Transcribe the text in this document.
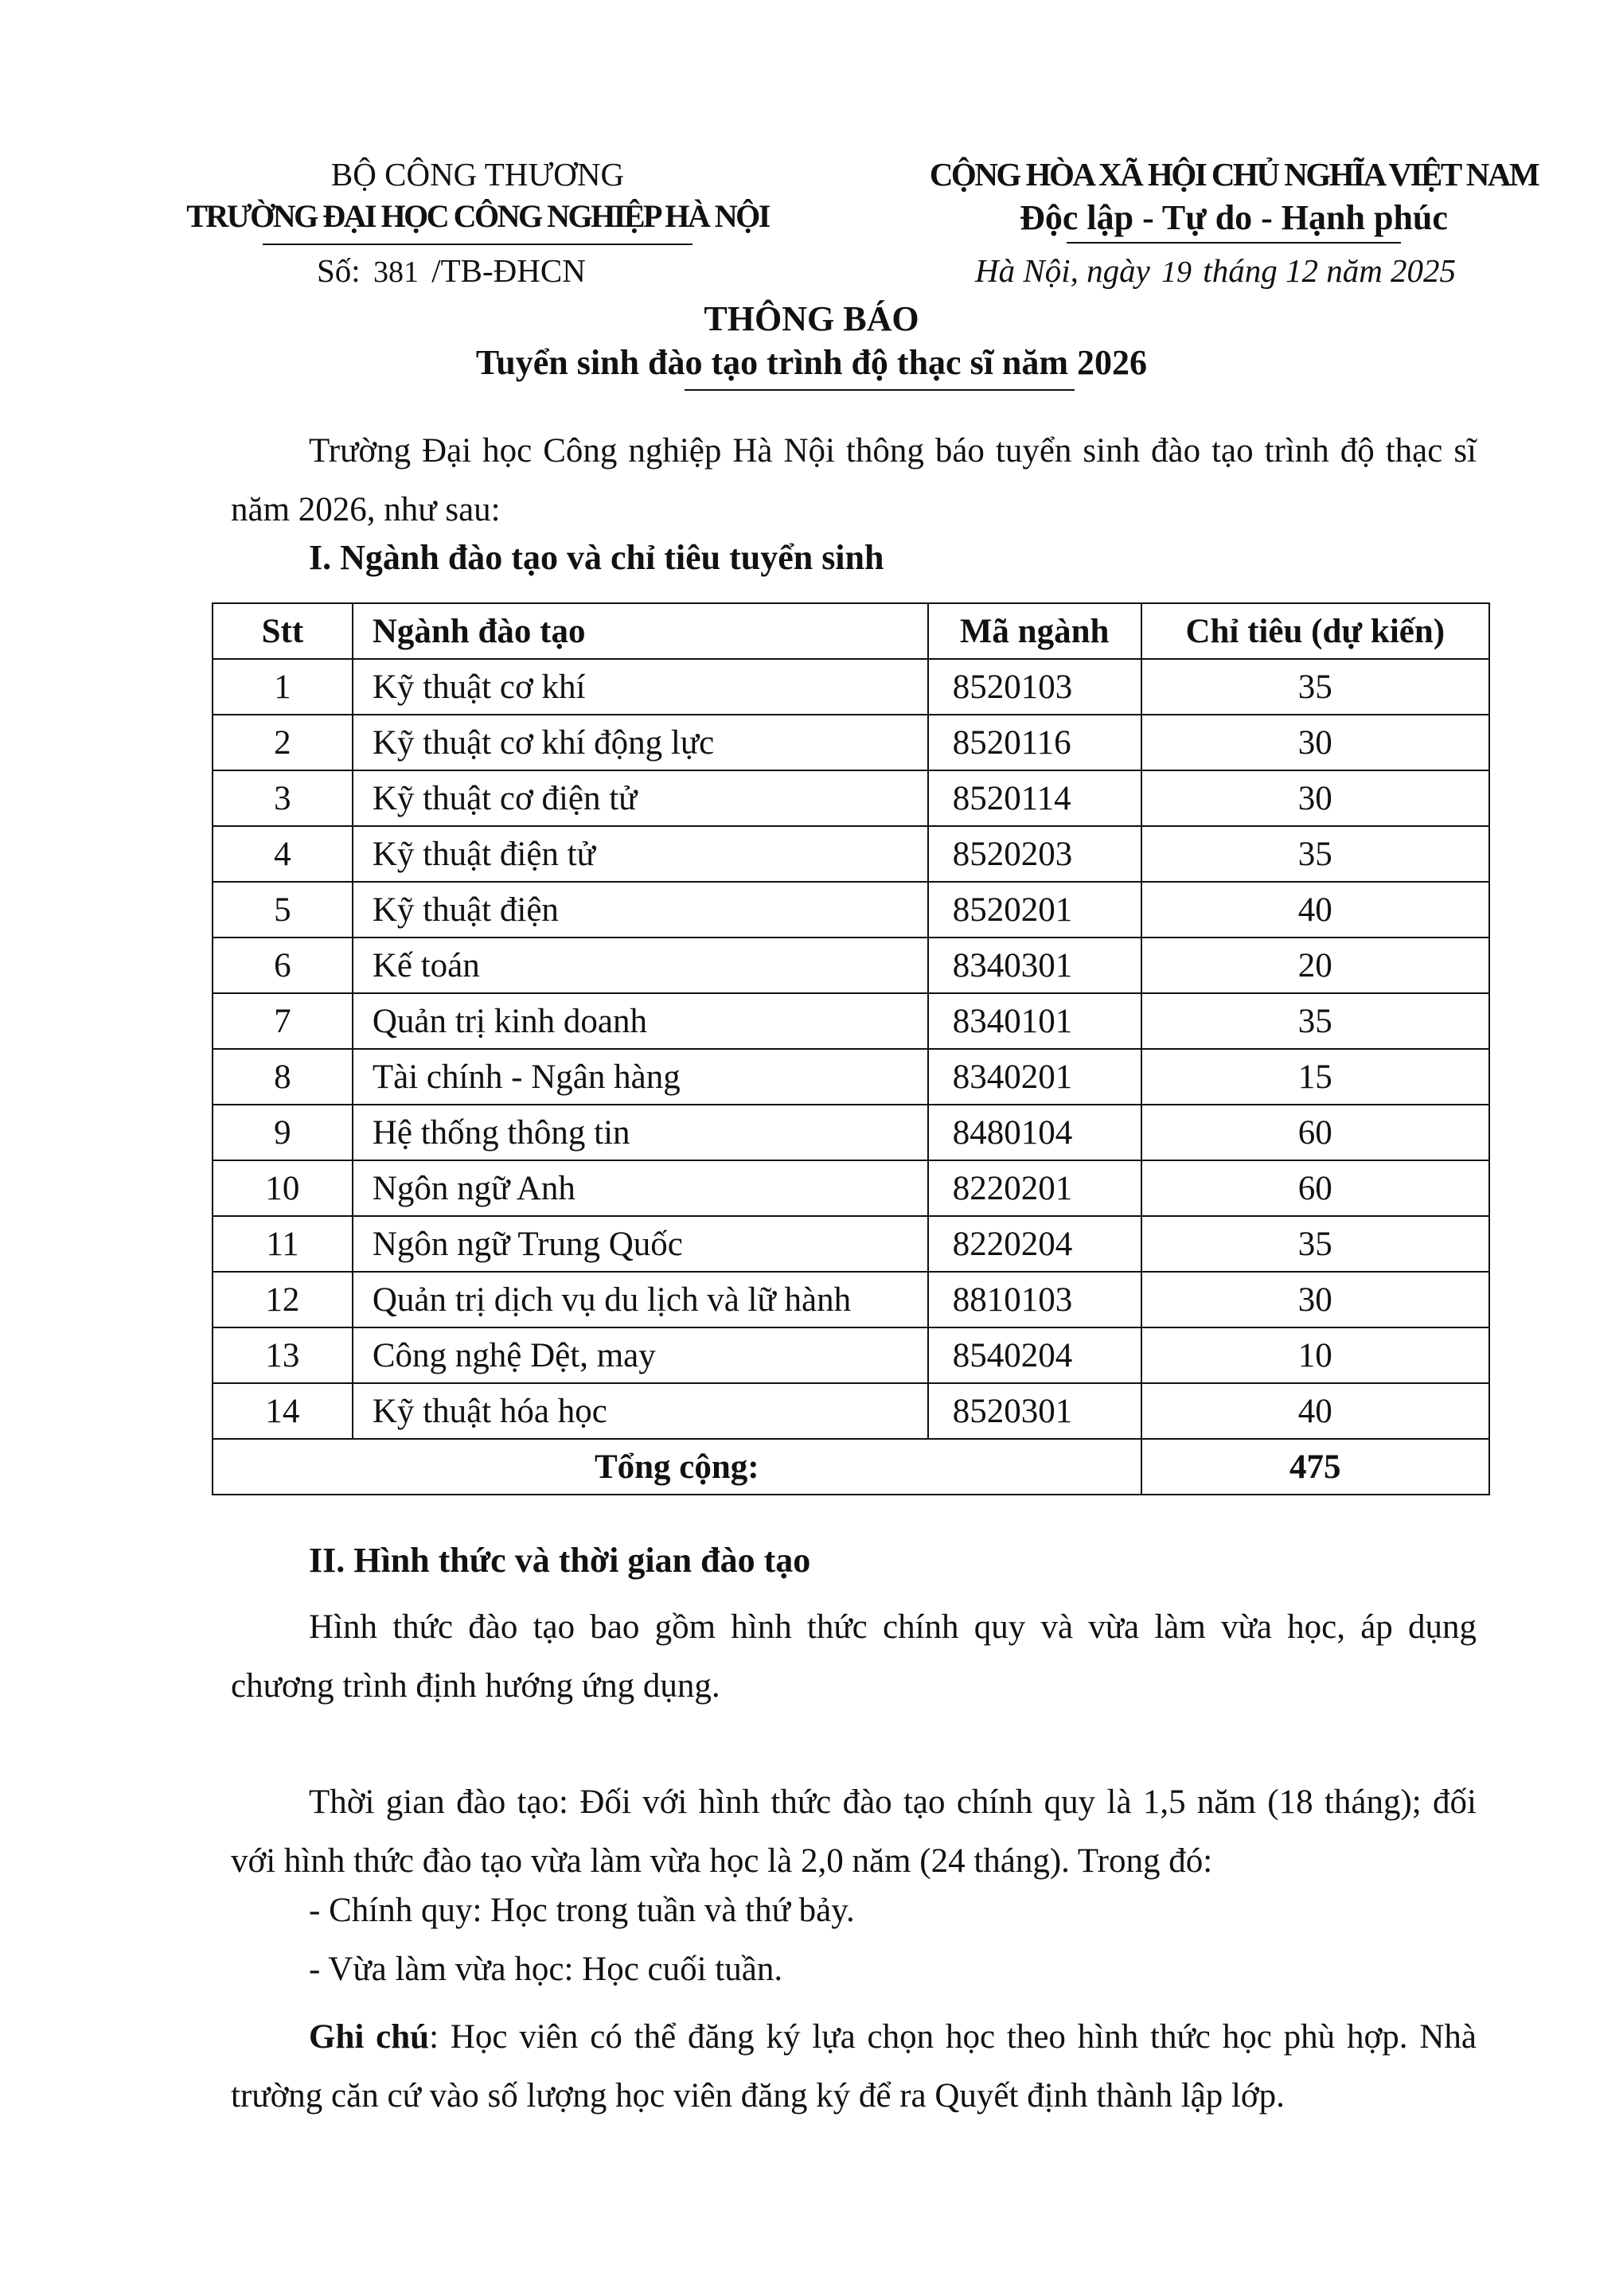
BỘ CÔNG THƯƠNG
TRƯỜNG ĐẠI HỌC CÔNG NGHIỆP HÀ NỘI
Số: 381 /TB-ĐHCN
CỘNG HÒA XÃ HỘI CHỦ NGHĨA VIỆT NAM
Độc lập - Tự do - Hạnh phúc
Hà Nội, ngày 19 tháng 12 năm 2025
THÔNG BÁO
Tuyển sinh đào tạo trình độ thạc sĩ năm 2026
Trường Đại học Công nghiệp Hà Nội thông báo tuyển sinh đào tạo trình độ thạc sĩ năm 2026, như sau:
I. Ngành đào tạo và chỉ tiêu tuyển sinh
Stt	Ngành đào tạo	Mã ngành	Chỉ tiêu (dự kiến)
1	Kỹ thuật cơ khí	8520103	35
2	Kỹ thuật cơ khí động lực	8520116	30
3	Kỹ thuật cơ điện tử	8520114	30
4	Kỹ thuật điện tử	8520203	35
5	Kỹ thuật điện	8520201	40
6	Kế toán	8340301	20
7	Quản trị kinh doanh	8340101	35
8	Tài chính - Ngân hàng	8340201	15
9	Hệ thống thông tin	8480104	60
10	Ngôn ngữ Anh	8220201	60
11	Ngôn ngữ Trung Quốc	8220204	35
12	Quản trị dịch vụ du lịch và lữ hành	8810103	30
13	Công nghệ Dệt, may	8540204	10
14	Kỹ thuật hóa học	8520301	40
Tổng cộng:			475
II. Hình thức và thời gian đào tạo
Hình thức đào tạo bao gồm hình thức chính quy và vừa làm vừa học, áp dụng chương trình định hướng ứng dụng.
Thời gian đào tạo: Đối với hình thức đào tạo chính quy là 1,5 năm (18 tháng); đối với hình thức đào tạo vừa làm vừa học là 2,0 năm (24 tháng). Trong đó:
- Chính quy: Học trong tuần và thứ bảy.
- Vừa làm vừa học: Học cuối tuần.
Ghi chú: Học viên có thể đăng ký lựa chọn học theo hình thức học phù hợp. Nhà trường căn cứ vào số lượng học viên đăng ký để ra Quyết định thành lập lớp.
